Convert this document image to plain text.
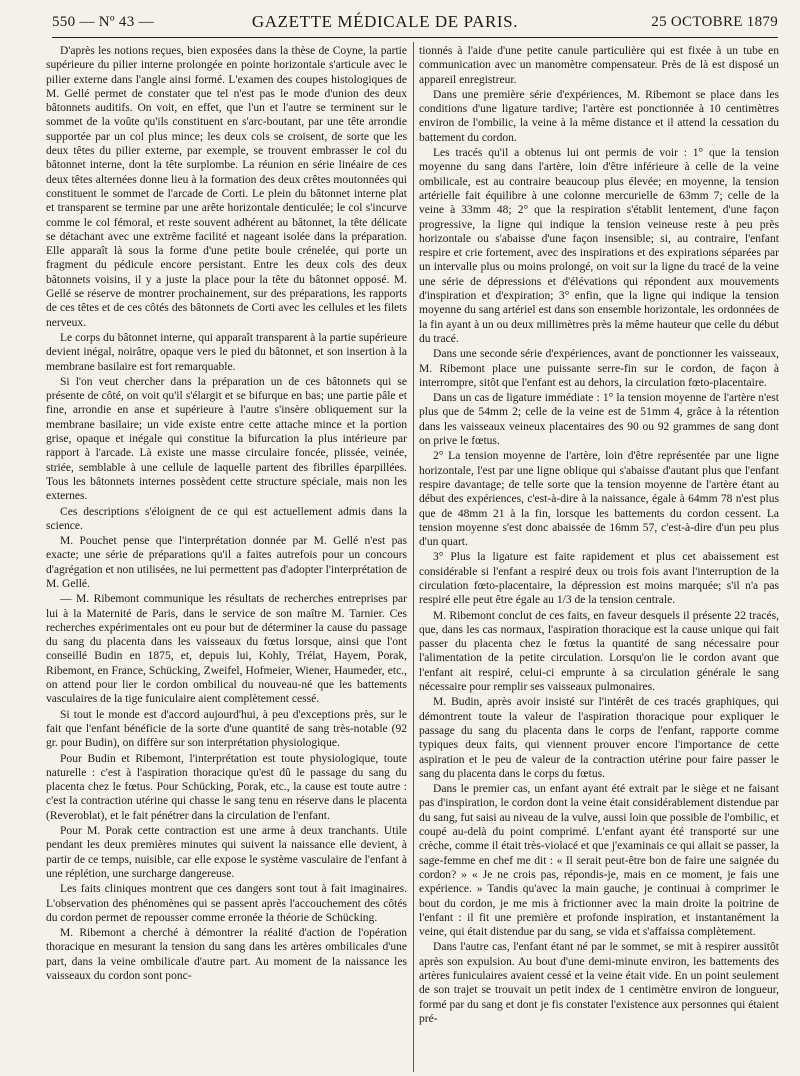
550 — Nº 43 —	GAZETTE MÉDICALE DE PARIS.	25 OCTOBRE 1879

D'après les notions reçues, bien exposées dans la thèse de Coyne, la partie supérieure du pilier interne prolongée en pointe horizontale s'articule avec le pilier externe dans l'angle ainsi formé. L'examen des coupes histologiques de M. Gellé permet de constater que tel n'est pas le mode d'union des deux bâtonnets auditifs. On voit, en effet, que l'un et l'autre se terminent sur le sommet de la voûte qu'ils constituent en s'arc-boutant, par une tête arrondie supportée par un col plus mince; les deux cols se croisent, de sorte que les deux têtes du pilier externe, par exemple, se trouvent embrasser le col du bâtonnet interne, dont la tête surplombe. La réunion en série linéaire de ces deux têtes alternées donne lieu à la formation des deux crêtes moutonnées qui constituent le sommet de l'arcade de Corti. Le plein du bâtonnet interne plat et transparent se termine par une arête horizontale denticulée; le col s'incurve comme le col fémoral, et reste souvent adhérent au bâtonnet, la tête délicate se détachant avec une extrême facilité et nageant isolée dans la préparation. Elle apparaît là sous la forme d'une petite boule crénelée, qui porte un fragment du pédicule encore persistant. Entre les deux cols des deux bâtonnets voisins, il y a juste la place pour la tête du bâtonnet opposé. M. Gellé se réserve de montrer prochainement, sur des préparations, les rapports de ces têtes et de ces côtés des bâtonnets de Corti avec les cellules et les filets nerveux.

Le corps du bâtonnet interne, qui apparaît transparent à la partie supérieure devient inégal, noirâtre, opaque vers le pied du bâtonnet, et son insertion à la membrane basilaire est fort remarquable.

Si l'on veut chercher dans la préparation un de ces bâtonnets qui se présente de côté, on voit qu'il s'élargit et se bifurque en bas; une partie pâle et fine, arrondie en anse et supérieure à l'autre s'insère obliquement sur la membrane basilaire; un vide existe entre cette attache mince et la portion grise, opaque et inégale qui constitue la bifurcation la plus intérieure par rapport à l'arcade. Là existe une masse circulaire foncée, plissée, veinée, striée, semblable à une cellule de laquelle partent des fibrilles éparpillées. Tous les bâtonnets internes possèdent cette structure spéciale, mais non les externes.

Ces descriptions s'éloignent de ce qui est actuellement admis dans la science.

M. Pouchet pense que l'interprétation donnée par M. Gellé n'est pas exacte; une série de préparations qu'il a faites autrefois pour un concours d'agrégation et non utilisées, ne lui permettent pas d'adopter l'interprétation de M. Gellé.

— M. Ribemont communique les résultats de recherches entreprises par lui à la Maternité de Paris, dans le service de son maître M. Tarnier. Ces recherches expérimentales ont eu pour but de déterminer la cause du passage du sang du placenta dans les vaisseaux du fœtus lorsque, ainsi que l'ont conseillé Budin en 1875, et, depuis lui, Kohly, Trélat, Hayem, Porak, Ribemont, en France, Schücking, Zweifel, Hofmeier, Wiener, Haumeder, etc., on attend pour lier le cordon ombilical du nouveau-né que les battements vasculaires de la tige funiculaire aient complètement cessé.

Si tout le monde est d'accord aujourd'hui, à peu d'exceptions près, sur le fait que l'enfant bénéficie de la sorte d'une quantité de sang très-notable (92 gr. pour Budin), on diffère sur son interprétation physiologique.

Pour Budin et Ribemont, l'interprétation est toute physiologique, toute naturelle : c'est à l'aspiration thoracique qu'est dû le passage du sang du placenta chez le fœtus. Pour Schücking, Porak, etc., la cause est toute autre : c'est la contraction utérine qui chasse le sang tenu en réserve dans le placenta (Reveroblat), et le fait pénétrer dans la circulation de l'enfant.

Pour M. Porak cette contraction est une arme à deux tranchants. Utile pendant les deux premières minutes qui suivent la naissance elle devient, à partir de ce temps, nuisible, car elle expose le système vasculaire de l'enfant à une réplétion, une surcharge dangereuse.

Les faits cliniques montrent que ces dangers sont tout à fait imaginaires. L'observation des phénomènes qui se passent après l'accouchement des côtés du cordon permet de repousser comme erronée la théorie de Schücking.

M. Ribemont a cherché à démontrer la réalité d'action de l'opération thoracique en mesurant la tension du sang dans les artères ombilicales d'une part, dans la veine ombilicale d'autre part. Au moment de la naissance les vaisseaux du cordon sont ponc-

tionnés à l'aide d'une petite canule particulière qui est fixée à un tube en communication avec un manomètre compensateur. Près de là est disposé un appareil enregistreur.

Dans une première série d'expériences, M. Ribemont se place dans les conditions d'une ligature tardive; l'artère est ponctionnée à 10 centimètres environ de l'ombilic, la veine à la même distance et il attend la cessation du battement du cordon.

Les tracés qu'il a obtenus lui ont permis de voir : 1° que la tension moyenne du sang dans l'artère, loin d'être inférieure à celle de la veine ombilicale, est au contraire beaucoup plus élevée; en moyenne, la tension artérielle fait équilibre à une colonne mercurielle de 63mm 7; celle de la veine à 33mm 48; 2° que la respiration s'établit lentement, d'une façon progressive, la ligne qui indique la tension veineuse reste à peu près horizontale ou s'abaisse d'une façon insensible; si, au contraire, l'enfant respire et crie fortement, avec des inspirations et des expirations séparées par un intervalle plus ou moins prolongé, on voit sur la ligne du tracé de la veine une série de dépressions et d'élévations qui répondent aux mouvements d'inspiration et d'expiration; 3° enfin, que la ligne qui indique la tension moyenne du sang artériel est dans son ensemble horizontale, les ordonnées de la fin ayant à un ou deux millimètres près la même hauteur que celle du début du tracé.

Dans une seconde série d'expériences, avant de ponctionner les vaisseaux, M. Ribemont place une puissante serre-fin sur le cordon, de façon à interrompre, sitôt que l'enfant est au dehors, la circulation fœto-placentaire.

Dans un cas de ligature immédiate : 1° la tension moyenne de l'artère n'est plus que de 54mm 2; celle de la veine est de 51mm 4, grâce à la rétention dans les vaisseaux veineux placentaires des 90 ou 92 grammes de sang dont on prive le fœtus.

2° La tension moyenne de l'artère, loin d'être représentée par une ligne horizontale, l'est par une ligne oblique qui s'abaisse d'autant plus que l'enfant respire davantage; de telle sorte que la tension moyenne de l'artère étant au début des expériences, c'est-à-dire à la naissance, égale à 64mm 78 n'est plus que de 48mm 21 à la fin, lorsque les battements du cordon cessent. La tension moyenne s'est donc abaissée de 16mm 57, c'est-à-dire d'un peu plus d'un quart.

3° Plus la ligature est faite rapidement et plus cet abaissement est considérable si l'enfant a respiré deux ou trois fois avant l'interruption de la circulation fœto-placentaire, la dépression est moins marquée; s'il n'a pas respiré elle peut être égale au 1/3 de la tension centrale.

M. Ribemont conclut de ces faits, en faveur desquels il présente 22 tracés, que, dans les cas normaux, l'aspiration thoracique est la cause unique qui fait passer du placenta chez le fœtus la quantité de sang nécessaire pour l'alimentation de la petite circulation. Lorsqu'on lie le cordon avant que l'enfant ait respiré, celui-ci emprunte à sa circulation générale le sang nécessaire pour remplir ses vaisseaux pulmonaires.

M. Budin, après avoir insisté sur l'intérêt de ces tracés graphiques, qui démontrent toute la valeur de l'aspiration thoracique pour expliquer le passage du sang du placenta dans le corps de l'enfant, rapporte comme typiques deux faits, qui viennent prouver encore l'importance de cette aspiration et le peu de valeur de la contraction utérine pour faire passer le sang du placenta dans le corps du fœtus.

Dans le premier cas, un enfant ayant été extrait par le siège et ne faisant pas d'inspiration, le cordon dont la veine était considérablement distendue par du sang, fut saisi au niveau de la vulve, aussi loin que possible de l'ombilic, et coupé au-delà du point comprimé. L'enfant ayant été transporté sur une crèche, comme il était très-violacé et que j'examinais ce qui allait se passer, la sage-femme en chef me dit : « Il serait peut-être bon de faire une saignée du cordon? » « Je ne crois pas, répondis-je, mais en ce moment, je fais une expérience. » Tandis qu'avec la main gauche, je continuai à comprimer le bout du cordon, je me mis à frictionner avec la main droite la poitrine de l'enfant : il fit une première et profonde inspiration, et instantanément la veine, qui était distendue par du sang, se vida et s'affaissa complètement.

Dans l'autre cas, l'enfant étant né par le sommet, se mit à respirer aussitôt après son expulsion. Au bout d'une demi-minute environ, les battements des artères funiculaires avaient cessé et la veine était vide. En un point seulement de son trajet se trouvait un petit index de 1 centimètre environ de longueur, formé par du sang et dont je fis constater l'existence aux personnes qui étaient pré-
